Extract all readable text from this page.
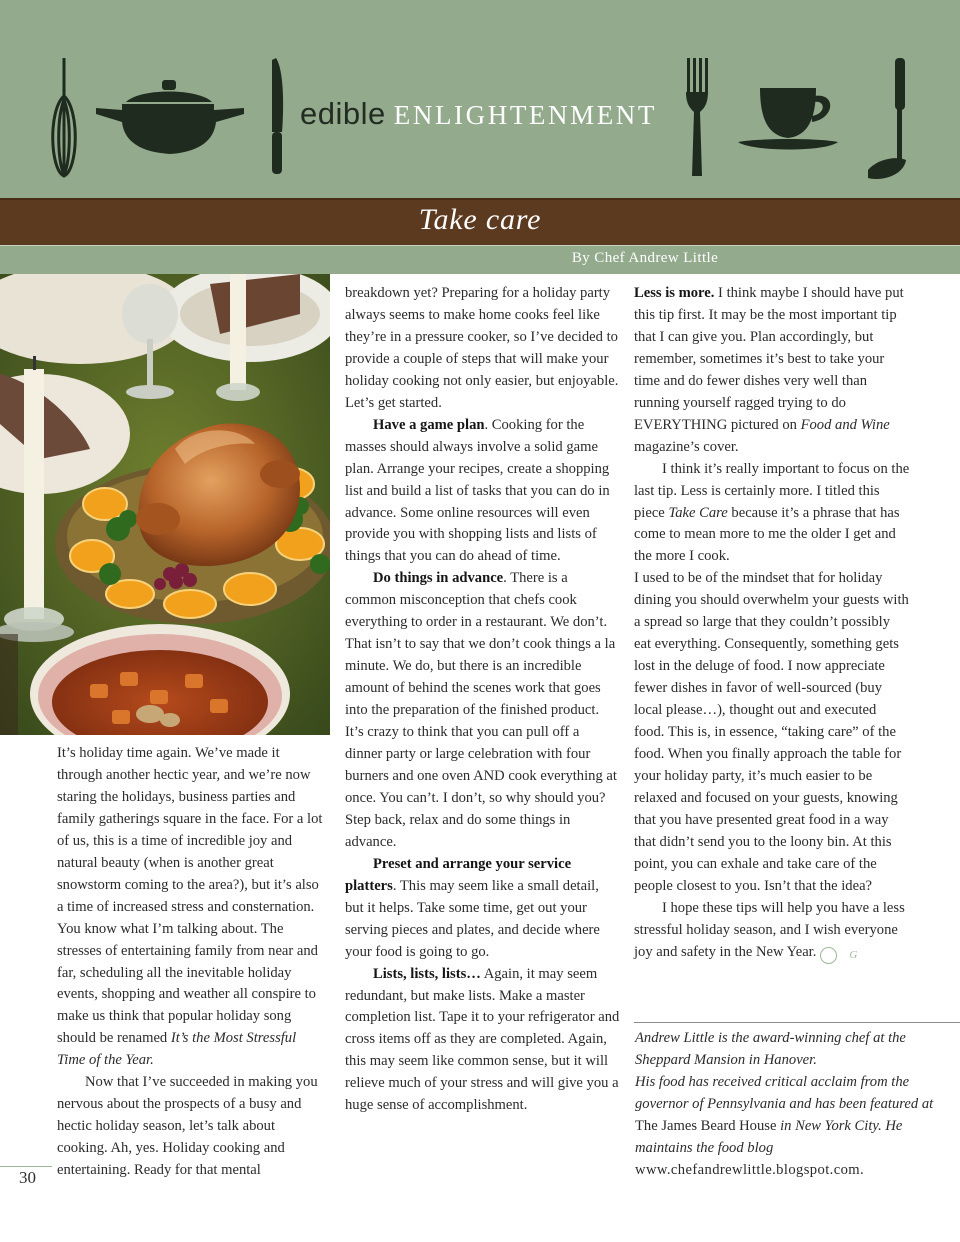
edible ENLIGHTENMENT
Take care
By Chef Andrew Little

It’s holiday time again. We’ve made it through another hectic year, and we’re now staring the holidays, business parties and family gatherings square in the face. For a lot of us, this is a time of incredible joy and natural beauty (when is another great snowstorm coming to the area?), but it’s also a time of increased stress and consternation. You know what I’m talking about. The stresses of entertaining family from near and far, scheduling all the inevitable holiday events, shopping and weather all conspire to make us think that popular holiday song should be renamed It’s the Most Stressful Time of the Year.

Now that I’ve succeeded in making you nervous about the prospects of a busy and hectic holiday season, let’s talk about cooking. Ah, yes. Holiday cooking and entertaining. Ready for that mental

breakdown yet? Preparing for a holiday party always seems to make home cooks feel like they’re in a pressure cooker, so I’ve decided to provide a couple of steps that will make your holiday cooking not only easier, but enjoyable. Let’s get started.

Have a game plan. Cooking for the masses should always involve a solid game plan. Arrange your recipes, create a shopping list and build a list of tasks that you can do in advance. Some online resources will even provide you with shopping lists and lists of things that you can do ahead of time.

Do things in advance. There is a common misconception that chefs cook everything to order in a restaurant. We don’t. That isn’t to say that we don’t cook things a la minute. We do, but there is an incredible amount of behind the scenes work that goes into the preparation of the finished product. It’s crazy to think that you can pull off a dinner party or large celebration with four burners and one oven AND cook everything at once. You can’t. I don’t, so why should you? Step back, relax and do some things in advance.

Preset and arrange your service platters. This may seem like a small detail, but it helps. Take some time, get out your serving pieces and plates, and decide where your food is going to go.

Lists, lists, lists… Again, it may seem redundant, but make lists. Make a master completion list. Tape it to your refrigerator and cross items off as they are completed. Again, this may seem like common sense, but it will relieve much of your stress and will give you a huge sense of accomplishment.

Less is more. I think maybe I should have put this tip first. It may be the most important tip that I can give you. Plan accordingly, but remember, sometimes it’s best to take your time and do fewer dishes very well than running yourself ragged trying to do EVERYTHING pictured on Food and Wine magazine’s cover.

I think it’s really important to focus on the last tip. Less is certainly more. I titled this piece Take Care because it’s a phrase that has come to mean more to me the older I get and the more I cook.

I used to be of the mindset that for holiday dining you should overwhelm your guests with a spread so large that they couldn’t possibly eat everything. Consequently, something gets lost in the deluge of food. I now appreciate fewer dishes in favor of well-sourced (buy local please…), thought out and executed food. This is, in essence, “taking care” of the food. When you finally approach the table for your holiday party, it’s much easier to be relaxed and focused on your guests, knowing that you have presented great food in a way that didn’t send you to the loony bin. At this point, you can exhale and take care of the people closest to you. Isn’t that the idea?

I hope these tips will help you have a less stressful holiday season, and I wish everyone joy and safety in the New Year.	G

Andrew Little is the award-winning chef at the Sheppard Mansion in Hanover.

His food has received critical acclaim from the governor of Pennsylvania and has been featured at The James Beard House in New York City. He maintains the food blog

www.chefandrewlittle.blogspot.com.

30
